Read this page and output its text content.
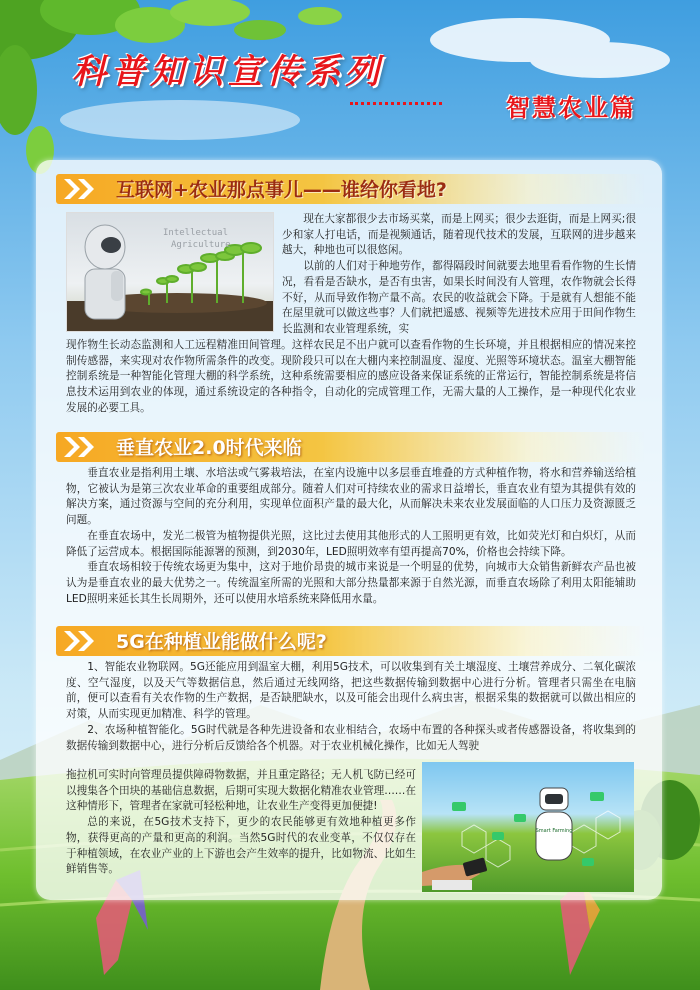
科普知识宣传系列
智慧农业篇
互联网+农业那点事儿——谁给你看地?
Intellectual
Agriculture

现在大家都很少去市场买菜，而是上网买；很少去逛街，而是上网买;很少和家人打电话，而是视频通话，随着现代技术的发展，互联网的进步越来越大，种地也可以很悠闲。

以前的人们对于种地劳作，都得隔段时间就要去地里看看作物的生长情况，看看是否缺水，是否有虫害，如果长时间没有人管理，农作物就会长得不好，从而导致作物产量不高。农民的收益就会下降。于是就有人想能不能在屋里就可以做这些事？人们就把遥感、视频等先进技术应用于田间作物生长监测和农业管理系统，实

现作物生长动态监测和人工远程精准田间管理。这样农民足不出户就可以查看作物的生长环境，并且根据相应的情况来控制传感器，来实现对农作物所需条件的改变。现阶段只可以在大棚内来控制温度、湿度、光照等环境状态。温室大棚智能控制系统是一种智能化管理大棚的科学系统，这种系统需要相应的感应设备来保证系统的正常运行，智能控制系统是将信息技术运用到农业的体现，通过系统设定的各种指令，自动化的完成管理工作，无需大量的人工操作，是一种现代化农业发展的必要工具。

垂直农业2.0时代来临

垂直农业是指利用土壤、水培法或气雾栽培法，在室内设施中以多层垂直堆叠的方式种植作物，将水和营养输送给植物，它被认为是第三次农业革命的重要组成部分。随着人们对可持续农业的需求日益增长，垂直农业有望为其提供有效的解决方案，通过资源与空间的充分利用，实现单位面积产量的最大化，从而解决未来农业发展面临的人口压力及资源匮乏问题。

在垂直农场中，发光二极管为植物提供光照，这比过去使用其他形式的人工照明更有效，比如荧光灯和白炽灯，从而降低了运营成本。根据国际能源署的预测，到2030年，LED照明效率有望再提高70%，价格也会持续下降。

垂直农场相较于传统农场更为集中，这对于地价昂贵的城市来说是一个明显的优势，向城市大众销售新鲜农产品也被认为是垂直农业的最大优势之一。传统温室所需的光照和大部分热量都来源于自然光源，而垂直农场除了利用太阳能辅助LED照明来延长其生长周期外，还可以使用水培系统来降低用水量。

5G在种植业能做什么呢?

1、智能农业物联网。5G还能应用到温室大棚，利用5G技术，可以收集到有关土壤湿度、土壤营养成分、二氧化碳浓度、空气湿度，以及天气等数据信息，然后通过无线网络，把这些数据传输到数据中心进行分析。管理者只需坐在电脑前，便可以查看有关农作物的生产数据，是否缺肥缺水，以及可能会出现什么病虫害，根据采集的数据就可以做出相应的对策，从而实现更加精准、科学的管理。

2、农场种植智能化。5G时代就是各种先进设备和农业相结合，农场中布置的各种探头或者传感器设备，将收集到的数据传输到数据中心，进行分析后反馈给各个机器。对于农业机械化操作，比如无人驾驶

拖拉机可实时向管理员提供障碍物数据，并且重定路径；无人机飞防已经可以搜集各个田块的基础信息数据，后期可实现大数据化精准农业管理……在这种情形下，管理者在家就可轻松种地，让农业生产变得更加便捷!

总的来说，在5G技术支持下，更少的农民能够更有效地种植更多作物，获得更高的产量和更高的利润。当然5G时代的农业变革，不仅仅存在于种植领域，在农业产业的上下游也会产生效率的提升，比如物流、比如生鲜销售等。

Smart Farming
